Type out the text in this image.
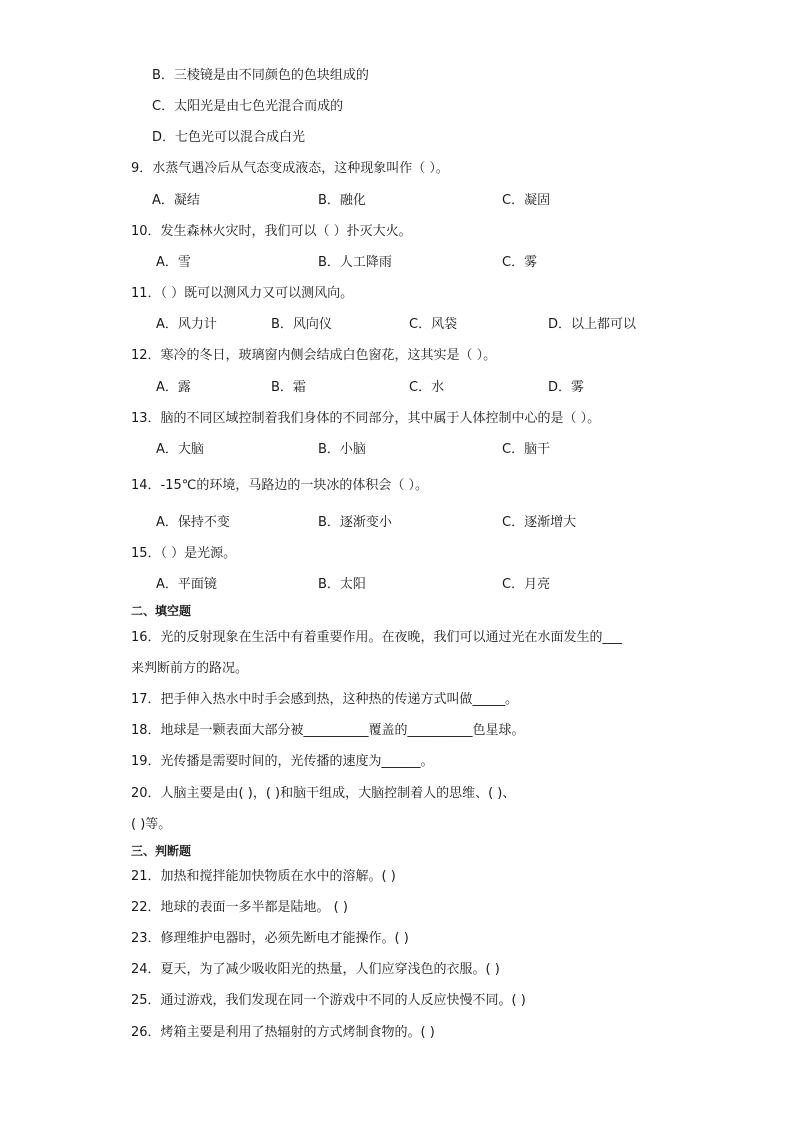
B．三棱镜是由不同颜色的色块组成的
C．太阳光是由七色光混合而成的
D．七色光可以混合成白光
9．水蒸气遇冷后从气态变成液态，这种现象叫作（ ）。
A．凝结	B．融化	C．凝固
10．发生森林火灾时，我们可以（ ）扑灭大火。
A．雪	B．人工降雨	C．雾
11．（ ）既可以测风力又可以测风向。
A．风力计	B．风向仪	C．风袋	D．以上都可以
12．寒冷的冬日，玻璃窗内侧会结成白色窗花，这其实是（ ）。
A．露	B．霜	C．水	D．雾
13．脑的不同区域控制着我们身体的不同部分，其中属于人体控制中心的是（ ）。
A．大脑	B．小脑	C．脑干
14．-15℃的环境，马路边的一块冰的体积会（ ）。
A．保持不变	B．逐渐变小	C．逐渐增大
15．（ ）是光源。
A．平面镜	B．太阳	C．月亮
二、填空题
16．光的反射现象在生活中有着重要作用。在夜晚，我们可以通过光在水面发生的___
来判断前方的路况。
17．把手伸入热水中时手会感到热，这种热的传递方式叫做_____。
18．地球是一颗表面大部分被__________覆盖的__________色星球。
19．光传播是需要时间的，光传播的速度为______。
20．人脑主要是由( )，( )和脑干组成，大脑控制着人的思维、( )、
( )等。
三、判断题
21．加热和搅拌能加快物质在水中的溶解。( )
22．地球的表面一多半都是陆地。 ( )
23．修理维护电器时，必须先断电才能操作。( )
24．夏天，为了减少吸收阳光的热量，人们应穿浅色的衣服。( )
25．通过游戏，我们发现在同一个游戏中不同的人反应快慢不同。( )
26．烤箱主要是利用了热辐射的方式烤制食物的。( )
